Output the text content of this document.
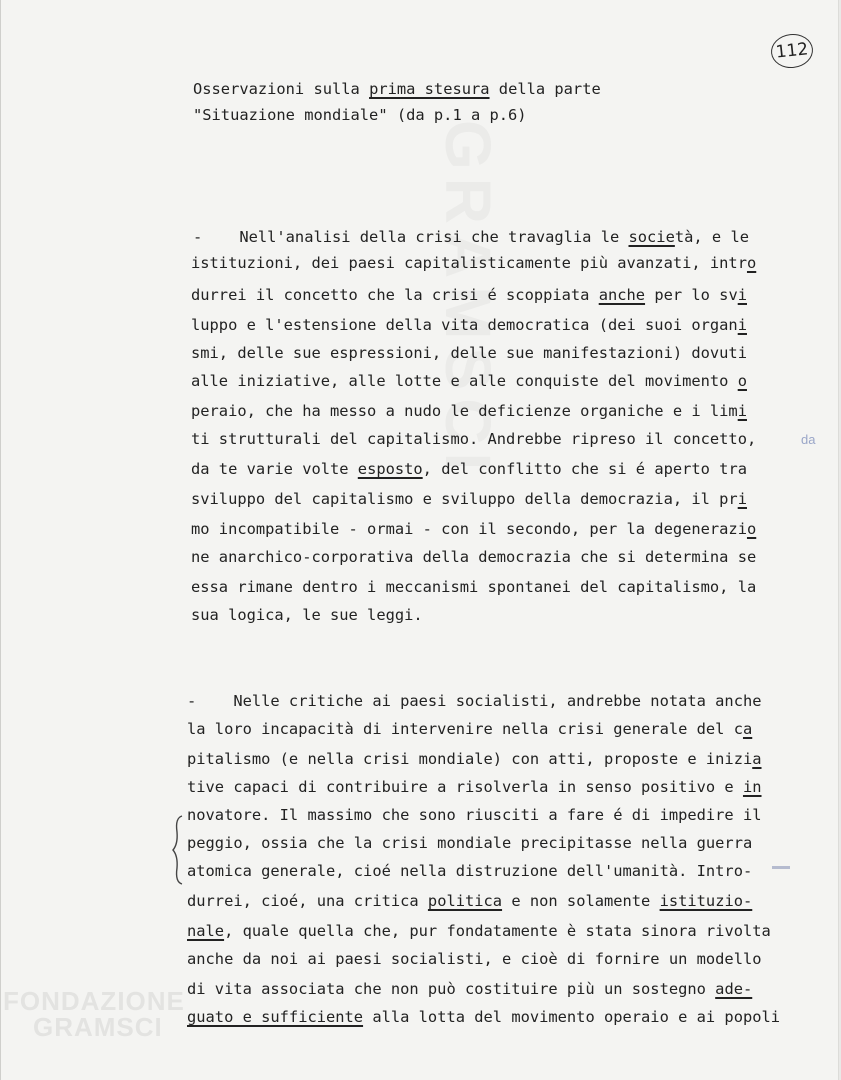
GRAMSCI
112
Osservazioni sulla prima stesura della parte
"Situazione mondiale" (da p.1 a p.6)
-    Nell'analisi della crisi che travaglia le società, e le
istituzioni, dei paesi capitalisticamente più avanzati, intro
durrei il concetto che la crisi é scoppiata anche per lo svi
luppo e l'estensione della vita democratica (dei suoi organi
smi, delle sue espressioni, delle sue manifestazioni) dovuti
alle iniziative, alle lotte e alle conquiste del movimento o
peraio, che ha messo a nudo le deficienze organiche e i limi
ti strutturali del capitalismo. Andrebbe ripreso il concetto,	da
da te varie volte esposto, del conflitto che si é aperto tra
sviluppo del capitalismo e sviluppo della democrazia, il pri
mo incompatibile - ormai - con il secondo, per la degenerazio
ne anarchico-corporativa della democrazia che si determina se
essa rimane dentro i meccanismi spontanei del capitalismo, la
sua logica, le sue leggi.
-    Nelle critiche ai paesi socialisti, andrebbe notata anche
la loro incapacità di intervenire nella crisi generale del ca
pitalismo (e nella crisi mondiale) con atti, proposte e inizia
tive capaci di contribuire a risolverla in senso positivo e in
novatore. Il massimo che sono riusciti a fare é di impedire il
peggio, ossia che la crisi mondiale precipitasse nella guerra
atomica generale, cioé nella distruzione dell'umanità. Intro-
durrei, cioé, una critica politica e non solamente istituzio-
nale, quale quella che, pur fondatamente è stata sinora rivolta
anche da noi ai paesi socialisti, e cioè di fornire un modello
di vita associata che non può costituire più un sostegno ade-
guato e sufficiente alla lotta del movimento operaio e ai popoli
FONDAZIONE
GRAMSCI
